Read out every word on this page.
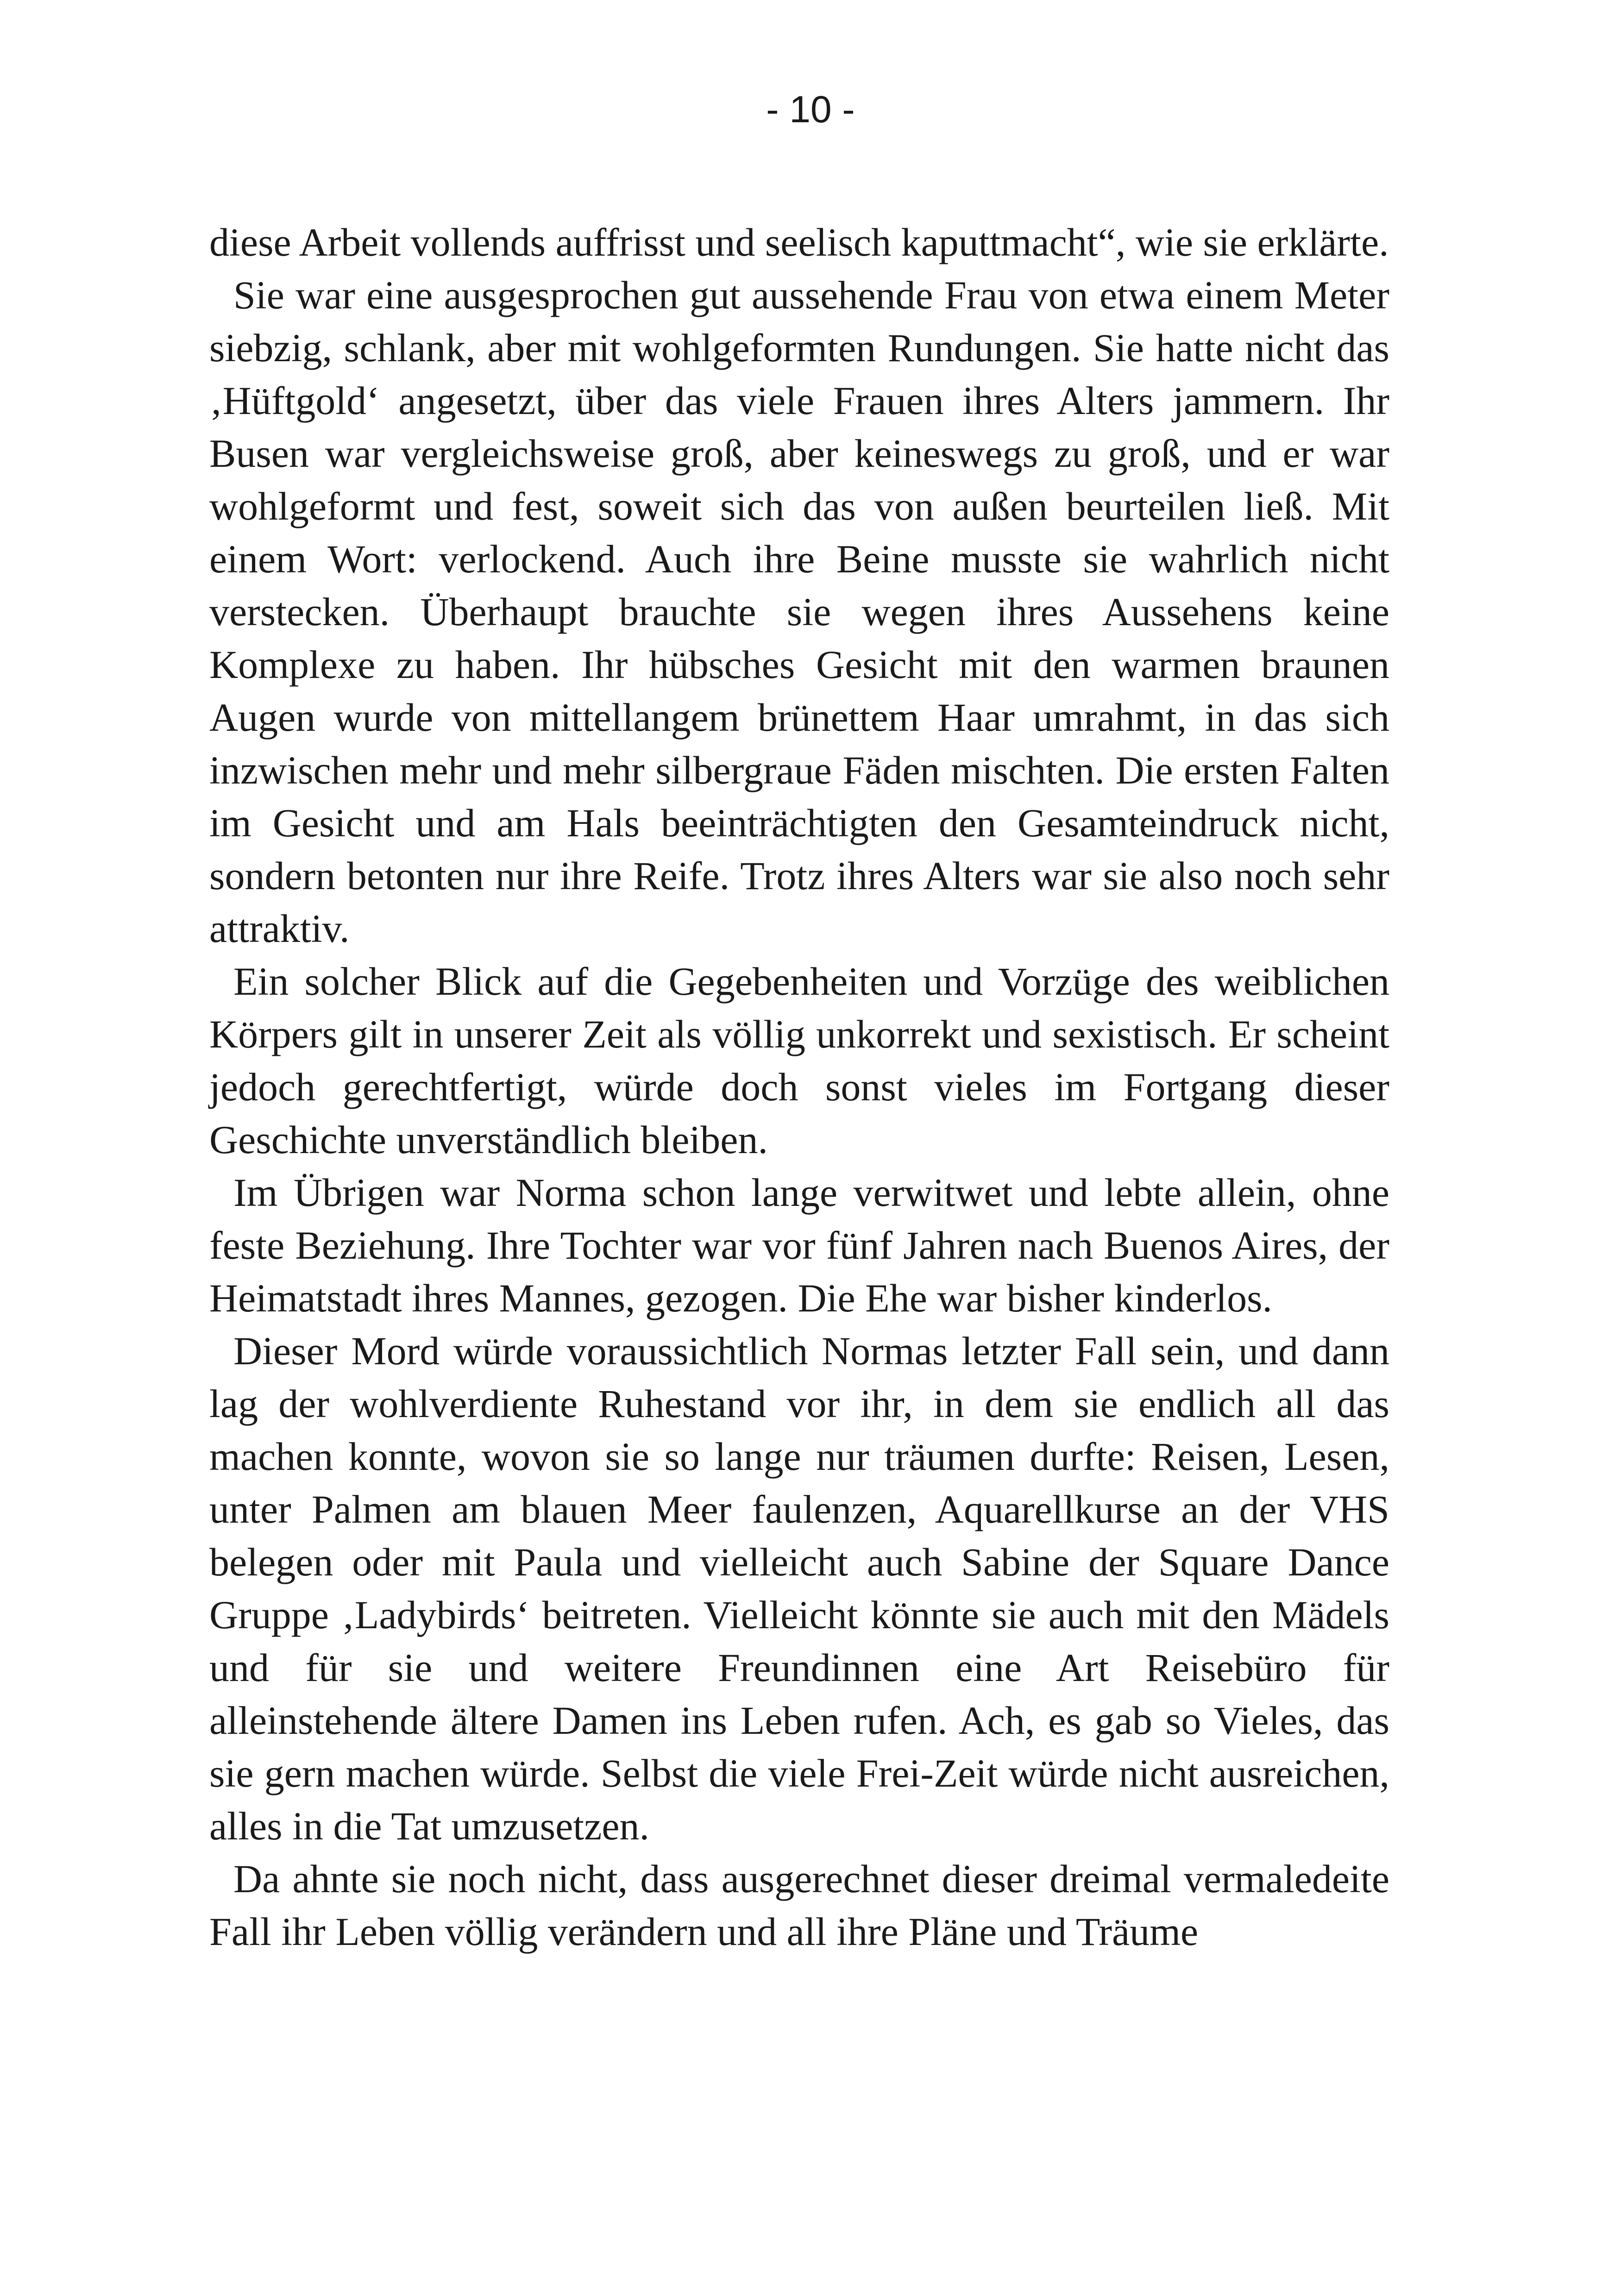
- 10 -

diese Arbeit vollends auffrisst und seelisch kaputtmacht“, wie sie erklärte.

Sie war eine ausgesprochen gut aussehende Frau von etwa einem Meter siebzig, schlank, aber mit wohlgeformten Rundungen. Sie hatte nicht das ‚Hüftgold‘ angesetzt, über das viele Frauen ihres Alters jammern. Ihr Busen war vergleichsweise groß, aber keineswegs zu groß, und er war wohlgeformt und fest, soweit sich das von außen beurteilen ließ. Mit einem Wort: verlockend. Auch ihre Beine musste sie wahrlich nicht verstecken. Überhaupt brauchte sie wegen ihres Aussehens keine Komplexe zu haben. Ihr hübsches Gesicht mit den warmen braunen Augen wurde von mittellangem brünettem Haar umrahmt, in das sich inzwischen mehr und mehr silbergraue Fäden mischten. Die ersten Falten im Gesicht und am Hals beeinträchtigten den Gesamteindruck nicht, sondern betonten nur ihre Reife. Trotz ihres Alters war sie also noch sehr attraktiv.

Ein solcher Blick auf die Gegebenheiten und Vorzüge des weiblichen Körpers gilt in unserer Zeit als völlig unkorrekt und sexistisch. Er scheint jedoch gerechtfertigt, würde doch sonst vieles im Fortgang dieser Geschichte unverständlich bleiben.

Im Übrigen war Norma schon lange verwitwet und lebte allein, ohne feste Beziehung. Ihre Tochter war vor fünf Jahren nach Buenos Aires, der Heimatstadt ihres Mannes, gezogen. Die Ehe war bisher kinderlos.

Dieser Mord würde voraussichtlich Normas letzter Fall sein, und dann lag der wohlverdiente Ruhestand vor ihr, in dem sie endlich all das machen konnte, wovon sie so lange nur träumen durfte: Reisen, Lesen, unter Palmen am blauen Meer faulenzen, Aquarellkurse an der VHS belegen oder mit Paula und vielleicht auch Sabine der Square Dance Gruppe ‚Ladybirds‘ beitreten. Vielleicht könnte sie auch mit den Mädels und für sie und weitere Freundinnen eine Art Reisebüro für alleinstehende ältere Damen ins Leben rufen. Ach, es gab so Vieles, das sie gern machen würde. Selbst die viele Frei-Zeit würde nicht ausreichen, alles in die Tat umzusetzen.

Da ahnte sie noch nicht, dass ausgerechnet dieser dreimal vermaledeite Fall ihr Leben völlig verändern und all ihre Pläne und Träume
